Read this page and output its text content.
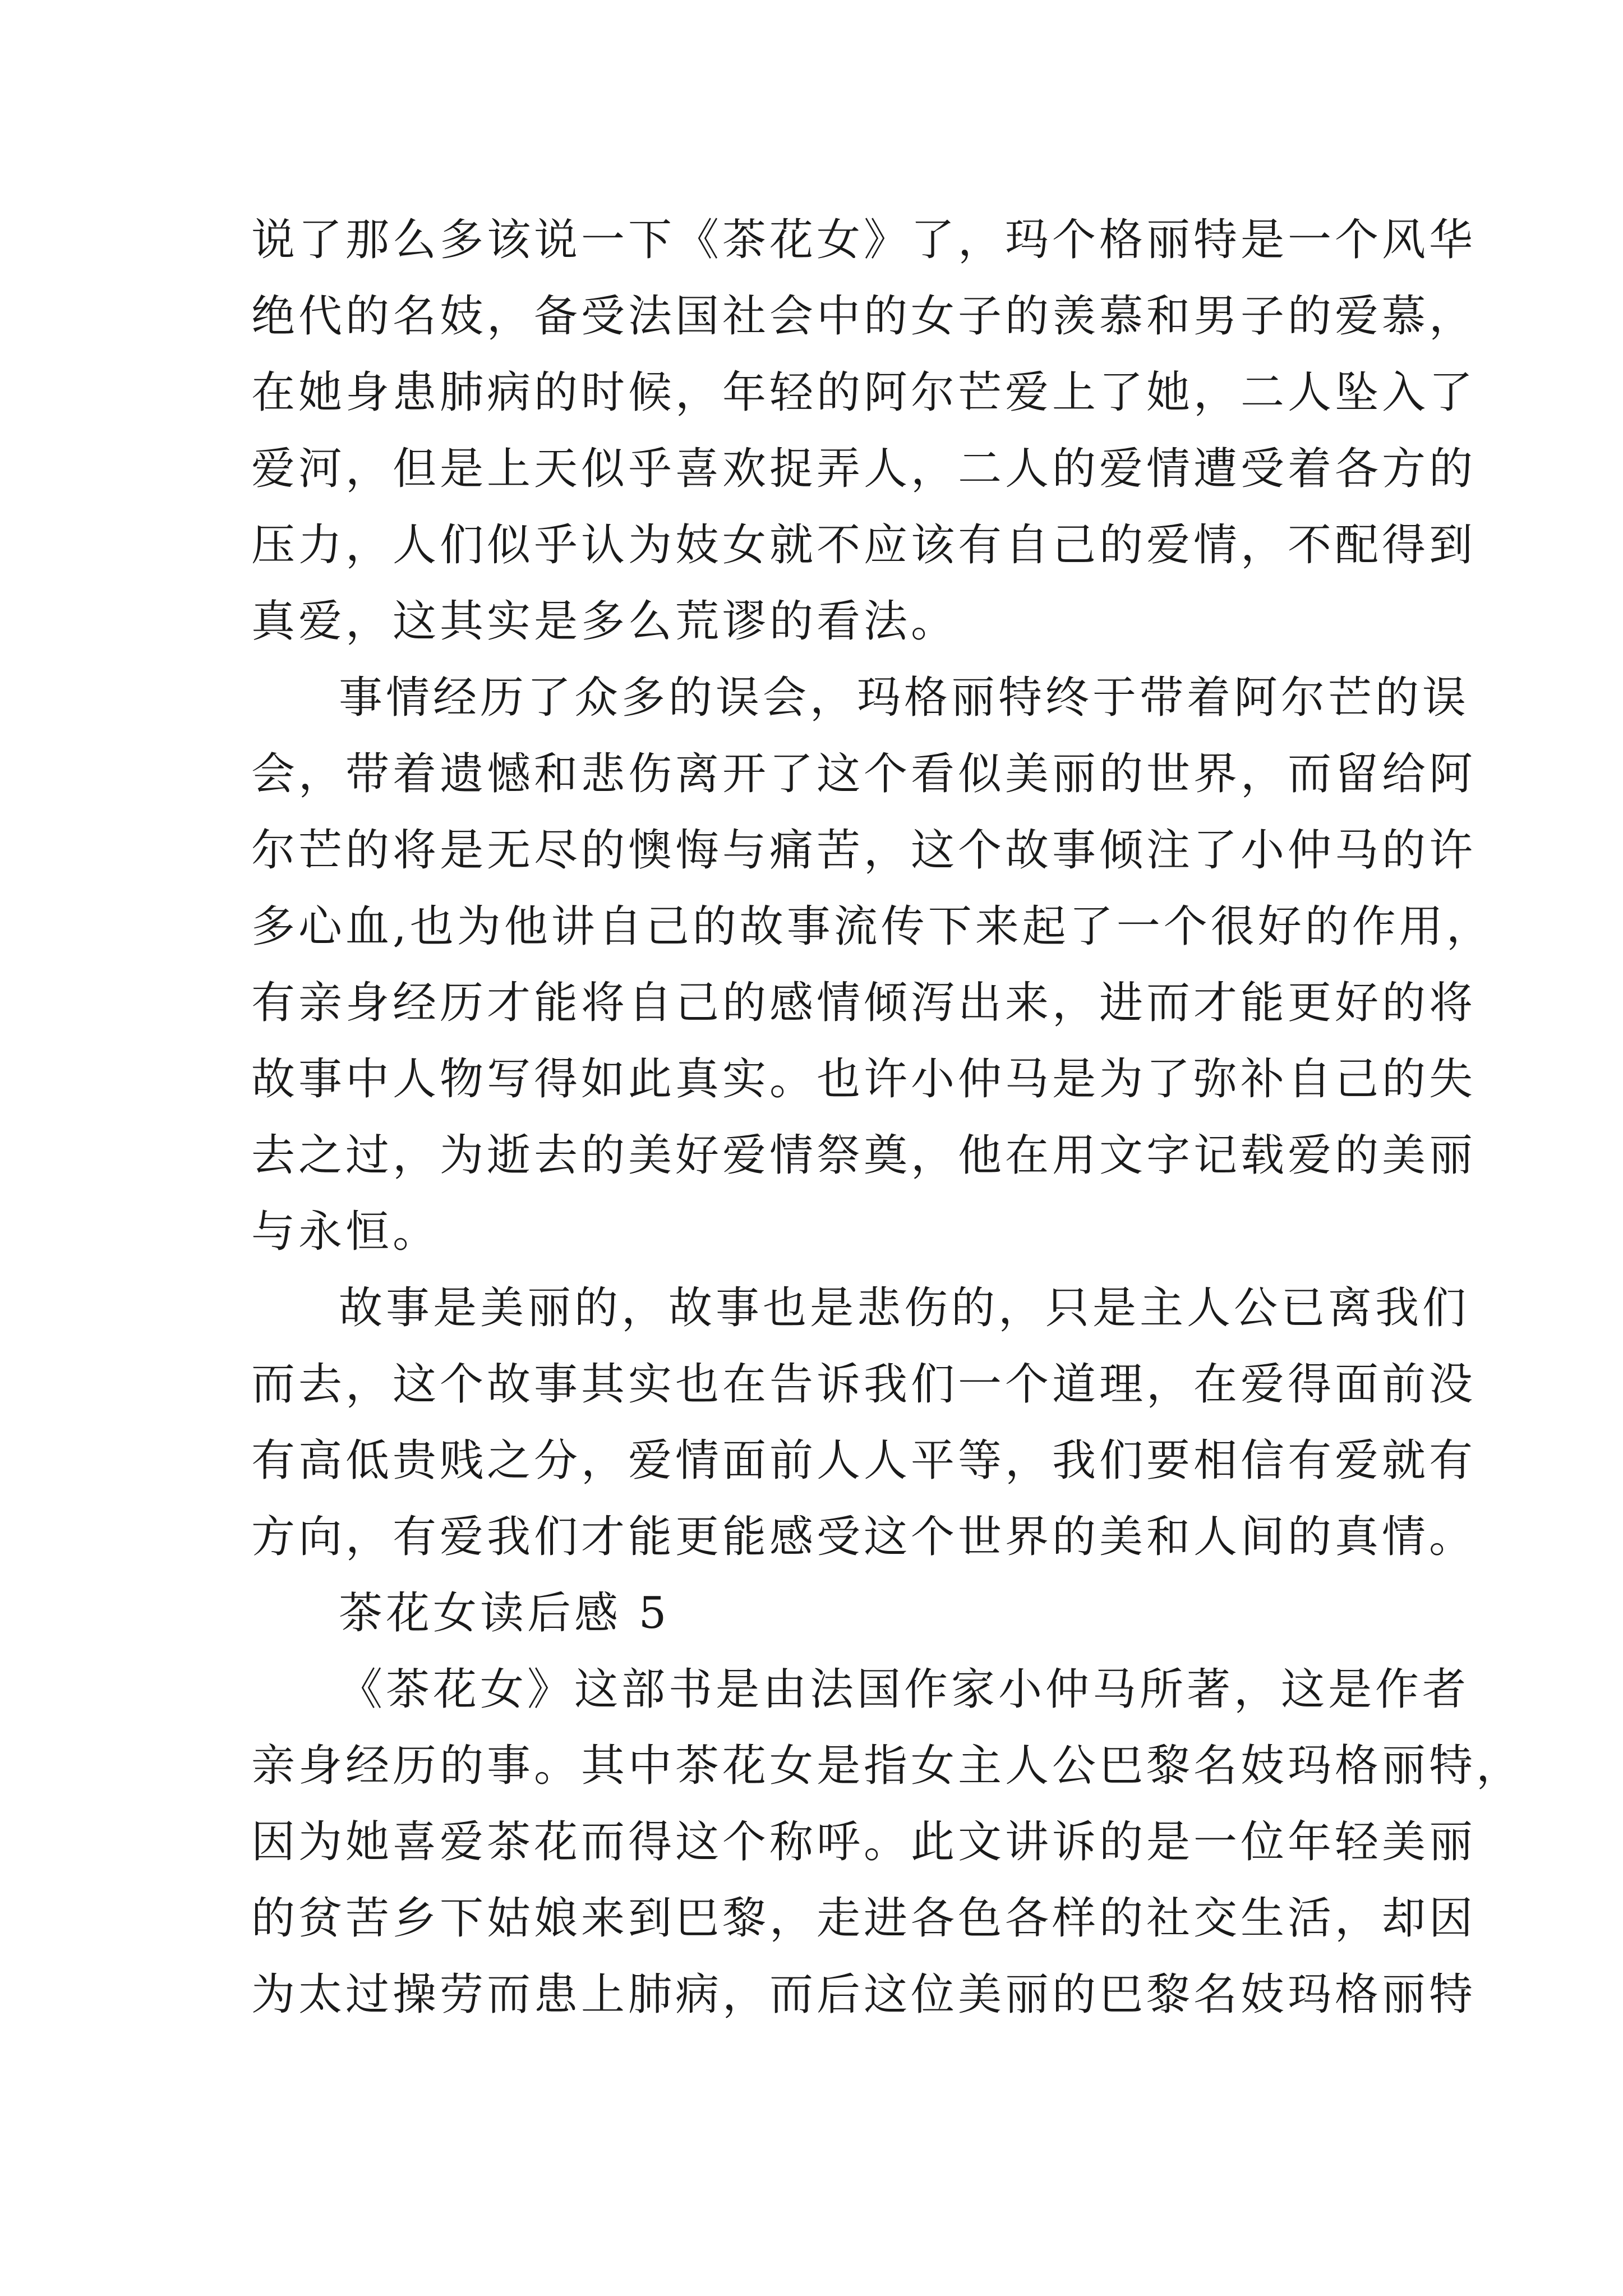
说了那么多该说一下《茶花女》了，玛个格丽特是一个风华
绝代的名妓，备受法国社会中的女子的羡慕和男子的爱慕，
在她身患肺病的时候，年轻的阿尔芒爱上了她，二人坠入了
爱河，但是上天似乎喜欢捉弄人，二人的爱情遭受着各方的
压力，人们似乎认为妓女就不应该有自己的爱情，不配得到
真爱，这其实是多么荒谬的看法。
事情经历了众多的误会，玛格丽特终于带着阿尔芒的误
会，带着遗憾和悲伤离开了这个看似美丽的世界，而留给阿
尔芒的将是无尽的懊悔与痛苦，这个故事倾注了小仲马的许
多心血,也为他讲自己的故事流传下来起了一个很好的作用，
有亲身经历才能将自己的感情倾泻出来，进而才能更好的将
故事中人物写得如此真实。也许小仲马是为了弥补自己的失
去之过，为逝去的美好爱情祭奠，他在用文字记载爱的美丽
与永恒。
故事是美丽的，故事也是悲伤的，只是主人公已离我们
而去，这个故事其实也在告诉我们一个道理，在爱得面前没
有高低贵贱之分，爱情面前人人平等，我们要相信有爱就有
方向，有爱我们才能更能感受这个世界的美和人间的真情。
茶花女读后感 5
《茶花女》这部书是由法国作家小仲马所著，这是作者
亲身经历的事。其中茶花女是指女主人公巴黎名妓玛格丽特，
因为她喜爱茶花而得这个称呼。此文讲诉的是一位年轻美丽
的贫苦乡下姑娘来到巴黎，走进各色各样的社交生活，却因
为太过操劳而患上肺病，而后这位美丽的巴黎名妓玛格丽特
